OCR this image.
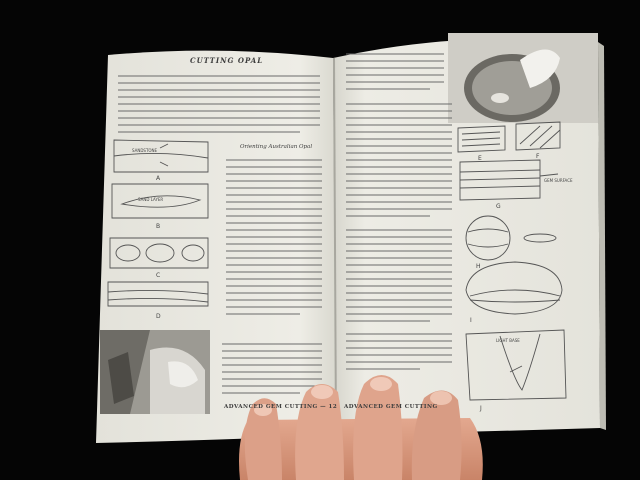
A
B
C
D
SANDSTONE
SAND LAYER
E	F
G
H
I
J
GEM SURFACE
LIGHT BASE

CUTTING OPAL

Orienting Australian Opal

ADVANCED GEM CUTTING — 12 ADVANCED GEM CUTTING
